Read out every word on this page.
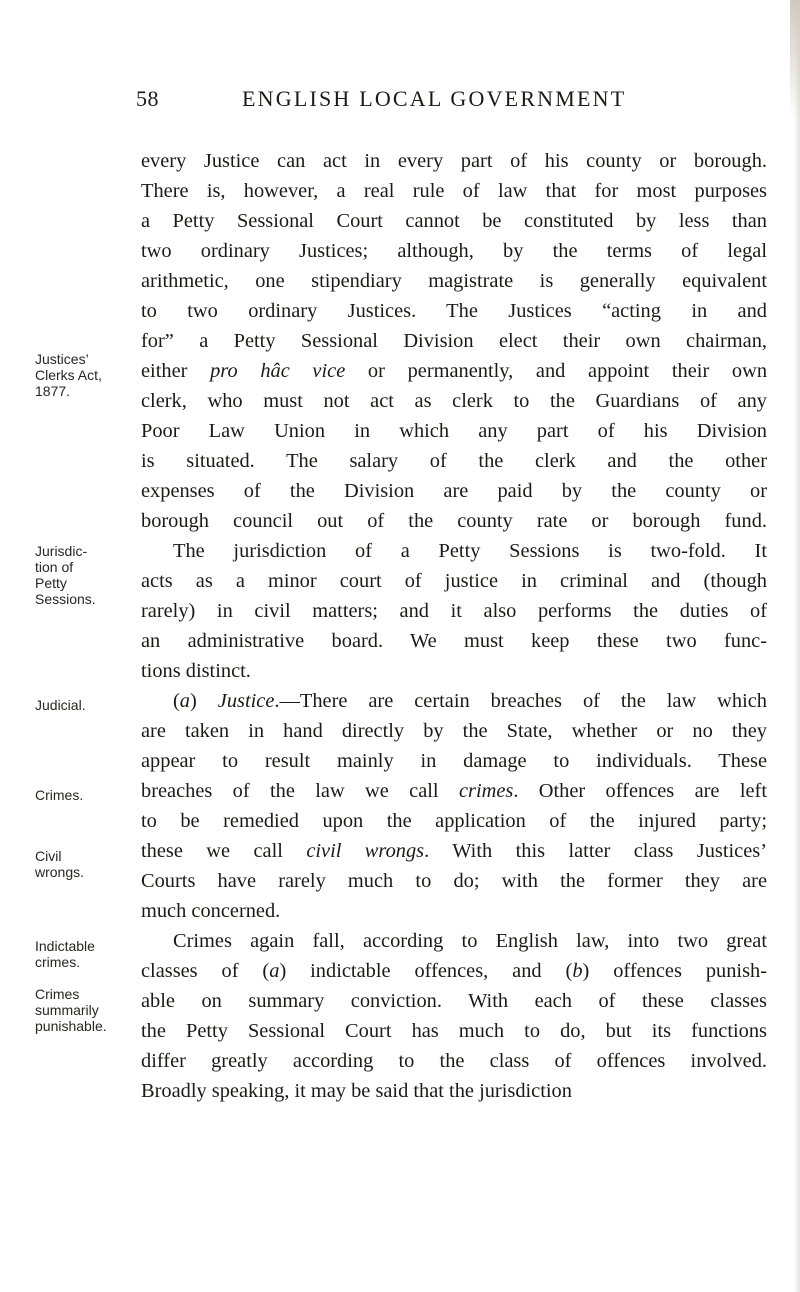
58	ENGLISH LOCAL GOVERNMENT
every Justice can act in every part of his county or borough.
There is, however, a real rule of law that for most purposes
a Petty Sessional Court cannot be constituted by less than
two ordinary Justices; although, by the terms of legal
arithmetic, one stipendiary magistrate is generally equivalent
to two ordinary Justices. The Justices “acting in and
for” a Petty Sessional Division elect their own chairman,
either pro hâc vice or permanently, and appoint their own
clerk, who must not act as clerk to the Guardians of any
Poor Law Union in which any part of his Division
is situated. The salary of the clerk and the other
expenses of the Division are paid by the county or
borough council out of the county rate or borough fund.
The jurisdiction of a Petty Sessions is two-fold. It
acts as a minor court of justice in criminal and (though
rarely) in civil matters; and it also performs the duties of
an administrative board. We must keep these two func-
tions distinct.
(a) Justice.—There are certain breaches of the law which
are taken in hand directly by the State, whether or no they
appear to result mainly in damage to individuals. These
breaches of the law we call crimes. Other offences are left
to be remedied upon the application of the injured party;
these we call civil wrongs. With this latter class Justices’
Courts have rarely much to do; with the former they are
much concerned.
Crimes again fall, according to English law, into two great
classes of (a) indictable offences, and (b) offences punish-
able on summary conviction. With each of these classes
the Petty Sessional Court has much to do, but its functions
differ greatly according to the class of offences involved.
Broadly speaking, it may be said that the jurisdiction
Justices’
Clerks Act,
1877.
Jurisdic-
tion of
Petty
Sessions.
Judicial.
Crimes.
Civil
wrongs.
Indictable
crimes.
Crimes
summarily
punishable.
